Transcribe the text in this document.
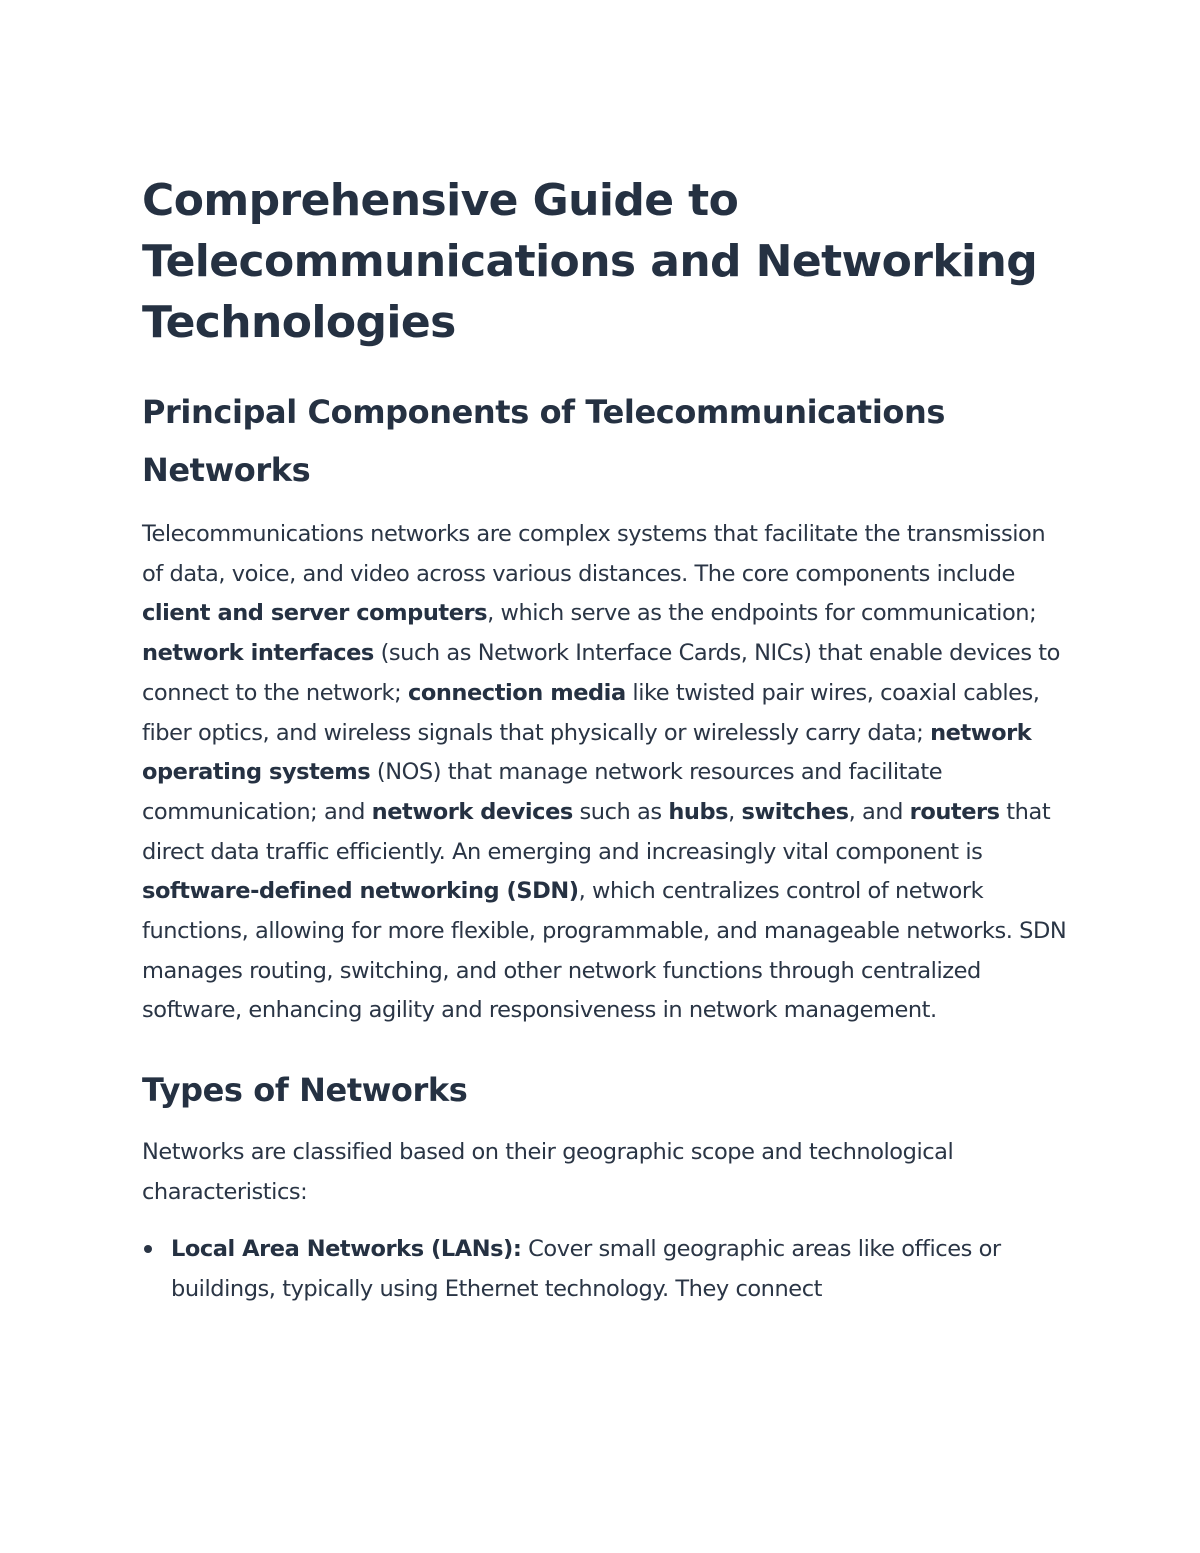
Comprehensive Guide to Telecommunications and Networking Technologies
Principal Components of Telecommunications Networks

Telecommunications networks are complex systems that facilitate the transmission of data, voice, and video across various distances. The core components include client and server computers, which serve as the endpoints for communication; network interfaces (such as Network Interface Cards, NICs) that enable devices to connect to the network; connection media like twisted pair wires, coaxial cables, fiber optics, and wireless signals that physically or wirelessly carry data; network operating systems (NOS) that manage network resources and facilitate communication; and network devices such as hubs, switches, and routers that direct data traffic efficiently. An emerging and increasingly vital component is software-defined networking (SDN), which centralizes control of network functions, allowing for more flexible, programmable, and manageable networks. SDN manages routing, switching, and other network functions through centralized software, enhancing agility and responsiveness in network management.

Types of Networks

Networks are classified based on their geographic scope and technological characteristics:

Local Area Networks (LANs): Cover small geographic areas like offices or buildings, typically using Ethernet technology. They connect
